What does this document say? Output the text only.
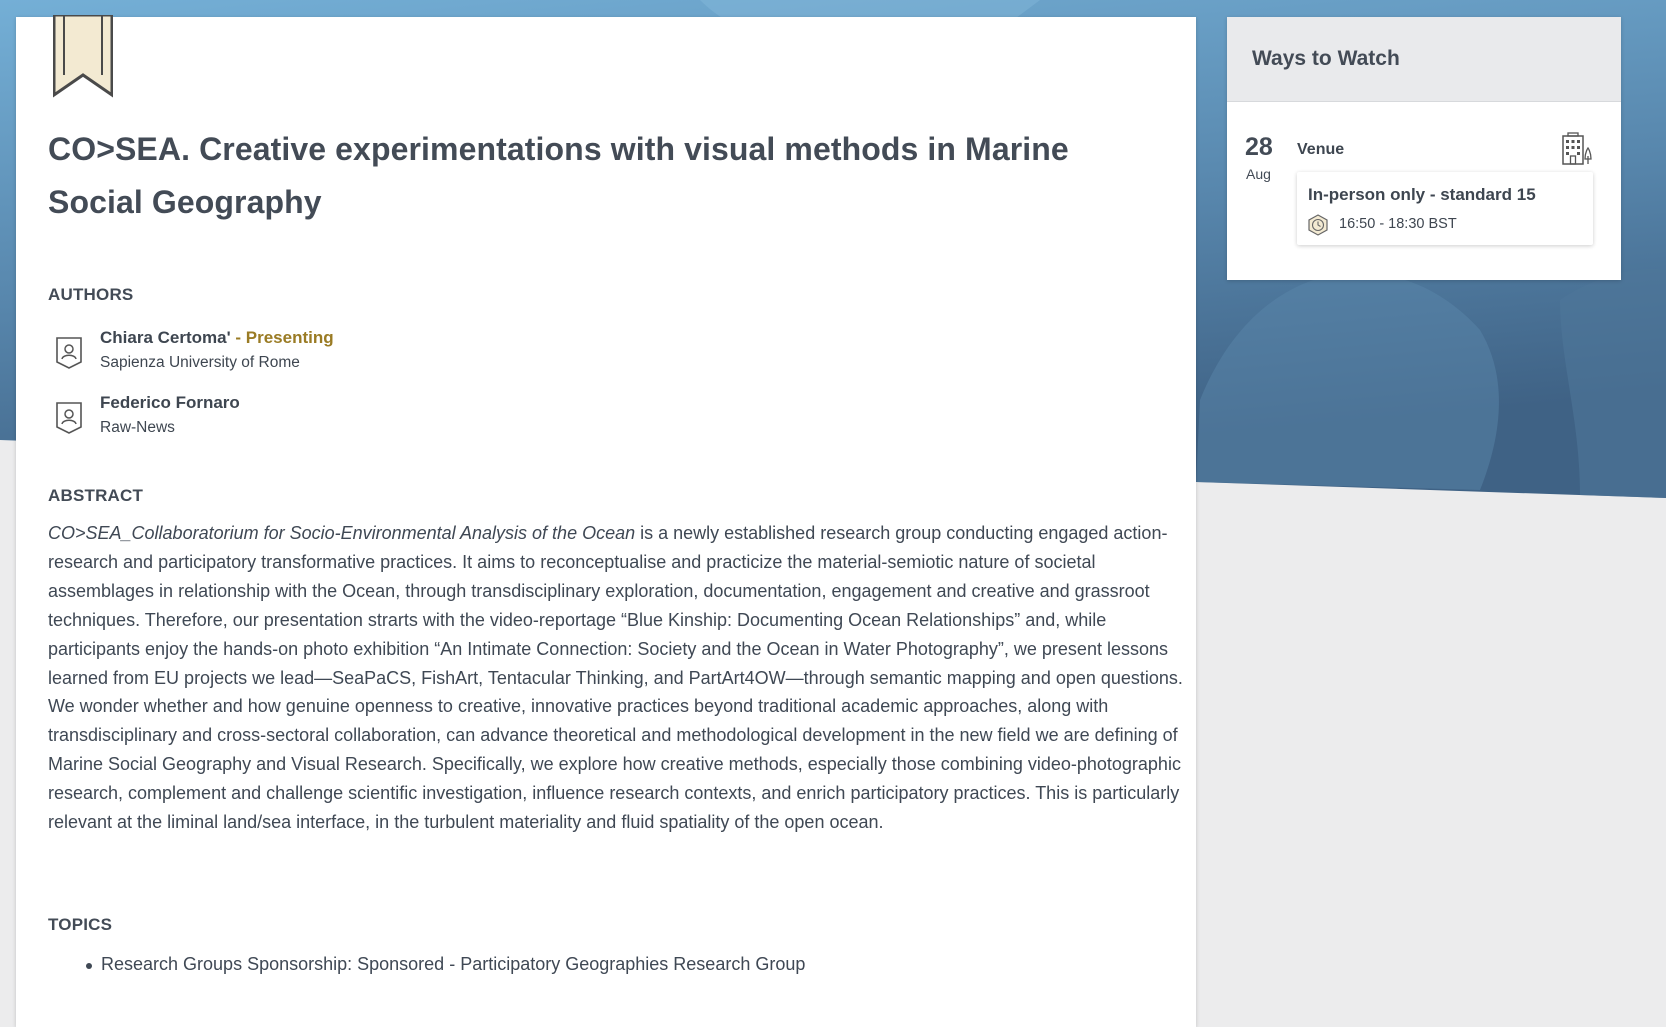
CO>SEA. Creative experimentations with visual methods in Marine Social Geography
AUTHORS
Chiara Certoma' - Presenting
Sapienza University of Rome
Federico Fornaro
Raw-News
ABSTRACT

CO>SEA_Collaboratorium for Socio-Environmental Analysis of the Ocean is a newly established research group conducting engaged action-research and participatory transformative practices. It aims to reconceptualise and practicize the material-semiotic nature of societal assemblages in relationship with the Ocean, through transdisciplinary exploration, documentation, engagement and creative and grassroot techniques. Therefore, our presentation strarts with the video-reportage “Blue Kinship: Documenting Ocean Relationships” and, while participants enjoy the hands-on photo exhibition “An Intimate Connection: Society and the Ocean in Water Photography”, we present lessons learned from EU projects we lead—SeaPaCS, FishArt, Tentacular Thinking, and PartArt4OW—through semantic mapping and open questions. We wonder whether and how genuine openness to creative, innovative practices beyond traditional academic approaches, along with transdisciplinary and cross-sectoral collaboration, can advance theoretical and methodological development in the new field we are defining of Marine Social Geography and Visual Research. Specifically, we explore how creative methods, especially those combining video-photographic research, complement and challenge scientific investigation, influence research contexts, and enrich participatory practices. This is particularly relevant at the liminal land/sea interface, in the turbulent materiality and fluid spatiality of the open ocean.

TOPICS
Research Groups Sponsorship: Sponsored - Participatory Geographies Research Group
Ways to Watch
28
Aug
Venue
In-person only - standard 15
16:50 - 18:30 BST
